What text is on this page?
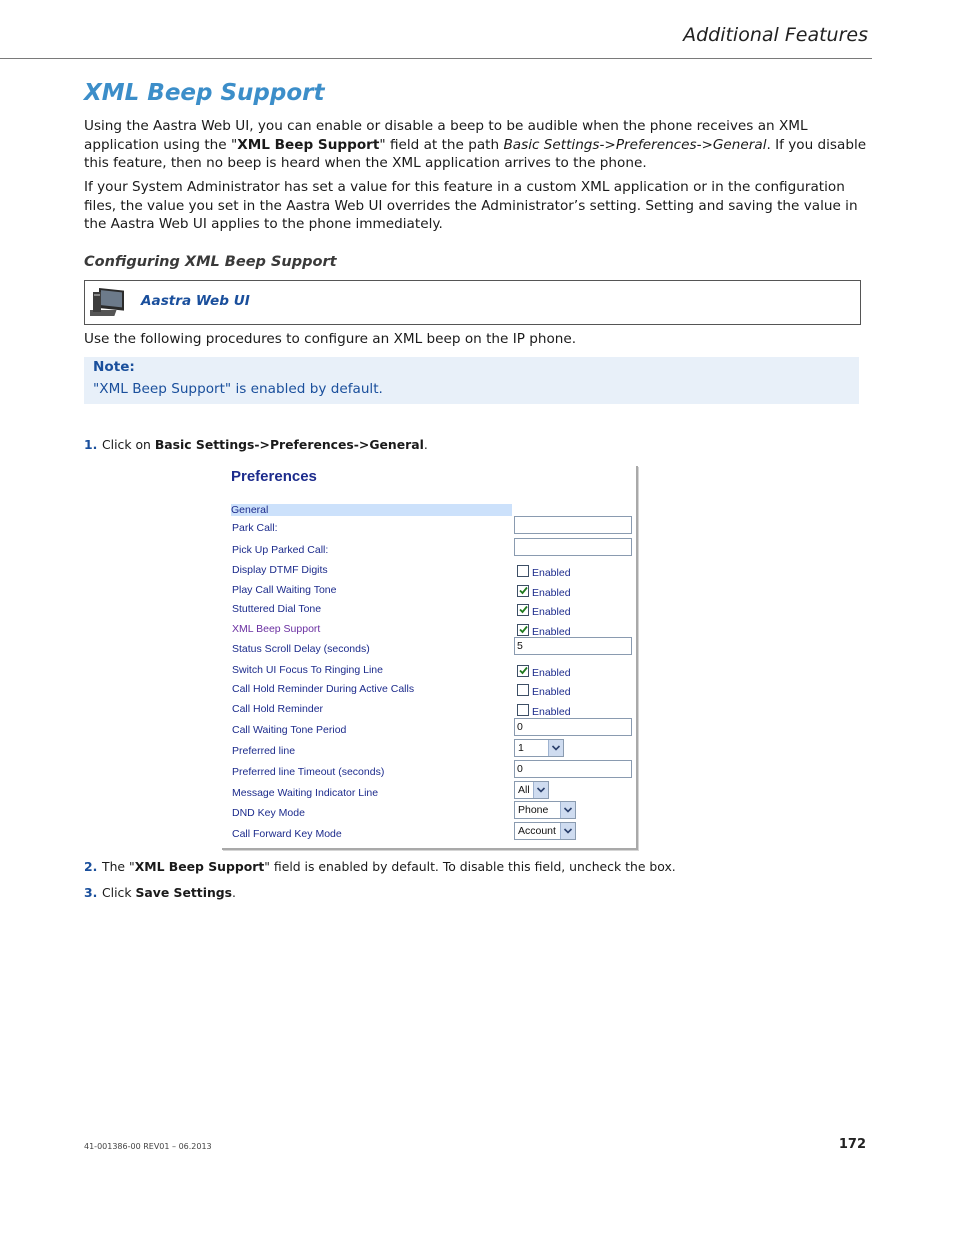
Additional Features
XML Beep Support
Using the Aastra Web UI, you can enable or disable a beep to be audible when the phone receives an XML application using the "XML Beep Support" field at the path Basic Settings->Preferences->General. If you disable this feature, then no beep is heard when the XML application arrives to the phone.
If your System Administrator has set a value for this feature in a custom XML application or in the configuration files, the value you set in the Aastra Web UI overrides the Administrator’s setting. Setting and saving the value in the Aastra Web UI applies to the phone immediately.
Configuring XML Beep Support
Aastra Web UI
Use the following procedures to configure an XML beep on the IP phone.
Note:
"XML Beep Support" is enabled by default.
1. Click on Basic Settings->Preferences->General.
Preferences
General
Park Call:
Pick Up Parked Call:
Display DTMF Digits	Enabled
Play Call Waiting Tone	Enabled
Stuttered Dial Tone	Enabled
XML Beep Support	Enabled
Status Scroll Delay (seconds)	5
Switch UI Focus To Ringing Line	Enabled
Call Hold Reminder During Active Calls	Enabled
Call Hold Reminder	Enabled
Call Waiting Tone Period	0
Preferred line	1
Preferred line Timeout (seconds)	0
Message Waiting Indicator Line	All
DND Key Mode	Phone
Call Forward Key Mode	Account
2. The "XML Beep Support" field is enabled by default. To disable this field, uncheck the box.
3. Click Save Settings.
41-001386-00 REV01 – 06.2013	172
